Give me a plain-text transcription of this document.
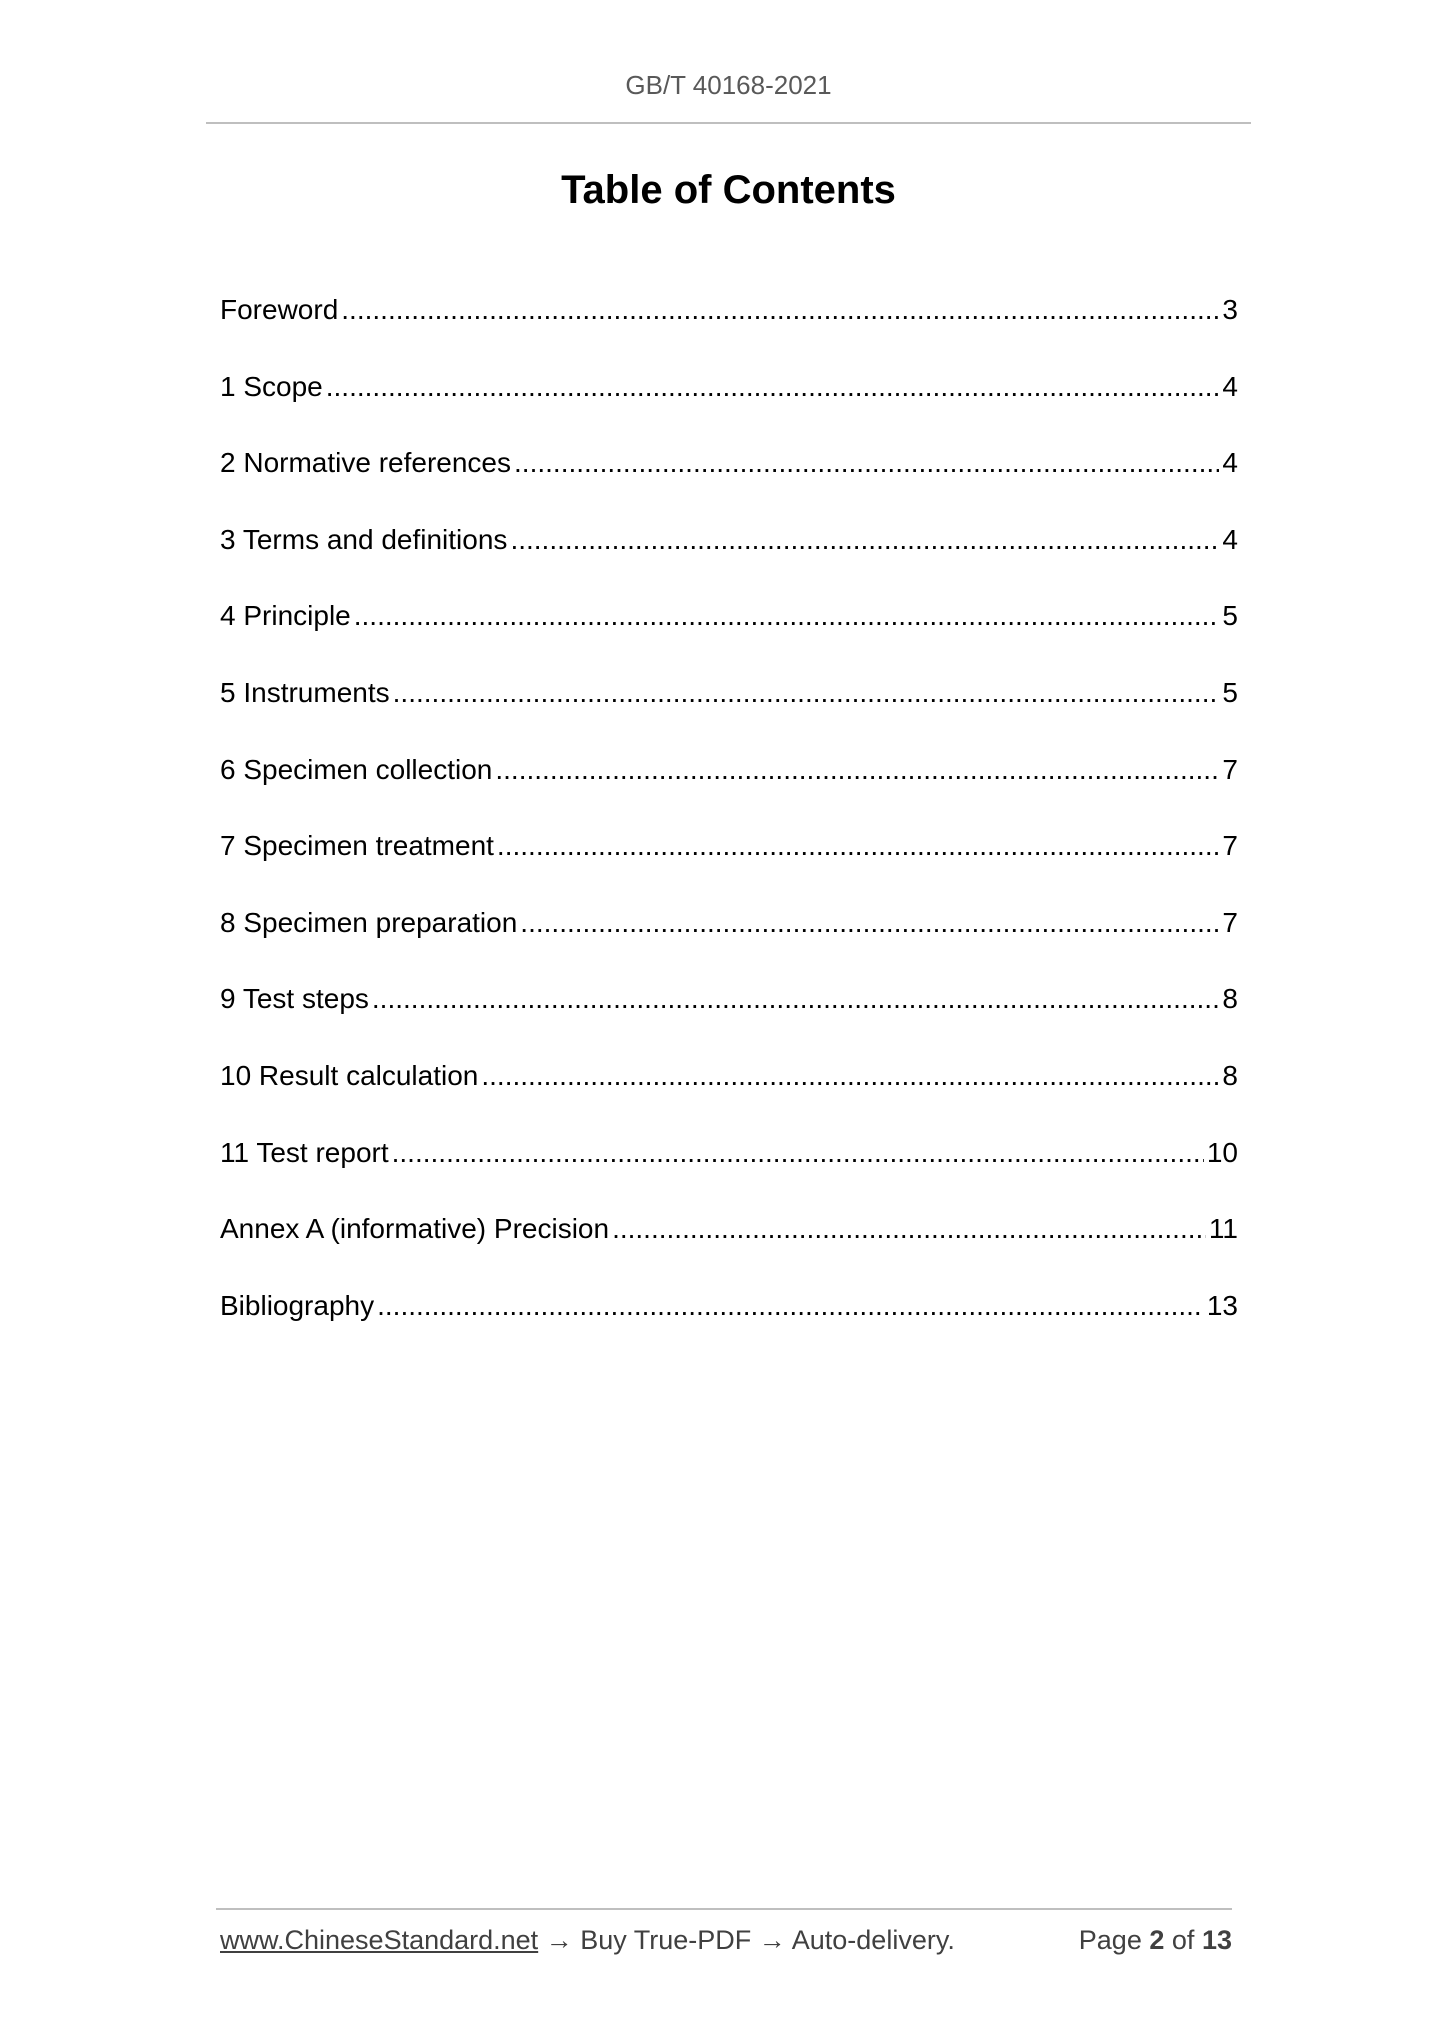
GB/T 40168-2021
Table of Contents
Foreword .....	3
1 Scope .....	4
2 Normative references .....	4
3 Terms and definitions .....	4
4 Principle .....	5
5 Instruments .....	5
6 Specimen collection .....	7
7 Specimen treatment .....	7
8 Specimen preparation .....	7
9 Test steps .....	8
10 Result calculation .....	8
11 Test report .....	10
Annex A (informative) Precision .....	11
Bibliography .....	13
www.ChineseStandard.net → Buy True-PDF → Auto-delivery.	Page 2 of 13
